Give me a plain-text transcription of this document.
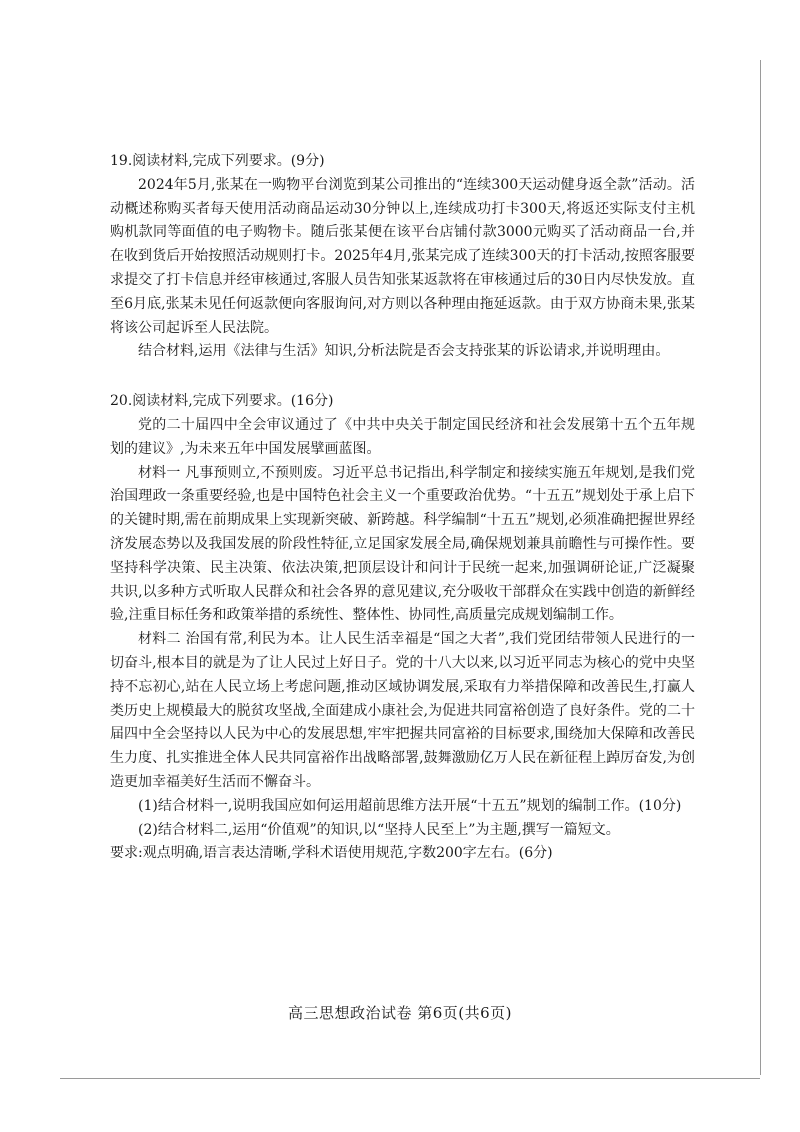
19.阅读材料,完成下列要求。(9分)

2024年5月,张某在一购物平台浏览到某公司推出的“连续300天运动健身返全款”活动。活动概述称购买者每天使用活动商品运动30分钟以上,连续成功打卡300天,将返还实际支付主机购机款同等面值的电子购物卡。随后张某便在该平台店铺付款3000元购买了活动商品一台,并在收到货后开始按照活动规则打卡。2025年4月,张某完成了连续300天的打卡活动,按照客服要求提交了打卡信息并经审核通过,客服人员告知张某返款将在审核通过后的30日内尽快发放。直至6月底,张某未见任何返款便向客服询问,对方则以各种理由拖延返款。由于双方协商未果,张某将该公司起诉至人民法院。

结合材料,运用《法律与生活》知识,分析法院是否会支持张某的诉讼请求,并说明理由。

20.阅读材料,完成下列要求。(16分)

党的二十届四中全会审议通过了《中共中央关于制定国民经济和社会发展第十五个五年规划的建议》,为未来五年中国发展擘画蓝图。

材料一 凡事预则立,不预则废。习近平总书记指出,科学制定和接续实施五年规划,是我们党治国理政一条重要经验,也是中国特色社会主义一个重要政治优势。“十五五”规划处于承上启下的关键时期,需在前期成果上实现新突破、新跨越。科学编制“十五五”规划,必须准确把握世界经济发展态势以及我国发展的阶段性特征,立足国家发展全局,确保规划兼具前瞻性与可操作性。要坚持科学决策、民主决策、依法决策,把顶层设计和问计于民统一起来,加强调研论证,广泛凝聚共识,以多种方式听取人民群众和社会各界的意见建议,充分吸收干部群众在实践中创造的新鲜经验,注重目标任务和政策举措的系统性、整体性、协同性,高质量完成规划编制工作。

材料二 治国有常,利民为本。让人民生活幸福是“国之大者”,我们党团结带领人民进行的一切奋斗,根本目的就是为了让人民过上好日子。党的十八大以来,以习近平同志为核心的党中央坚持不忘初心,站在人民立场上考虑问题,推动区域协调发展,采取有力举措保障和改善民生,打赢人类历史上规模最大的脱贫攻坚战,全面建成小康社会,为促进共同富裕创造了良好条件。党的二十届四中全会坚持以人民为中心的发展思想,牢牢把握共同富裕的目标要求,围绕加大保障和改善民生力度、扎实推进全体人民共同富裕作出战略部署,鼓舞激励亿万人民在新征程上踔厉奋发,为创造更加幸福美好生活而不懈奋斗。

(1)结合材料一,说明我国应如何运用超前思维方法开展“十五五”规划的编制工作。(10分)

(2)结合材料二,运用“价值观”的知识,以“坚持人民至上”为主题,撰写一篇短文。

要求:观点明确,语言表达清晰,学科术语使用规范,字数200字左右。(6分)

高三思想政治试卷 第6页(共6页)
